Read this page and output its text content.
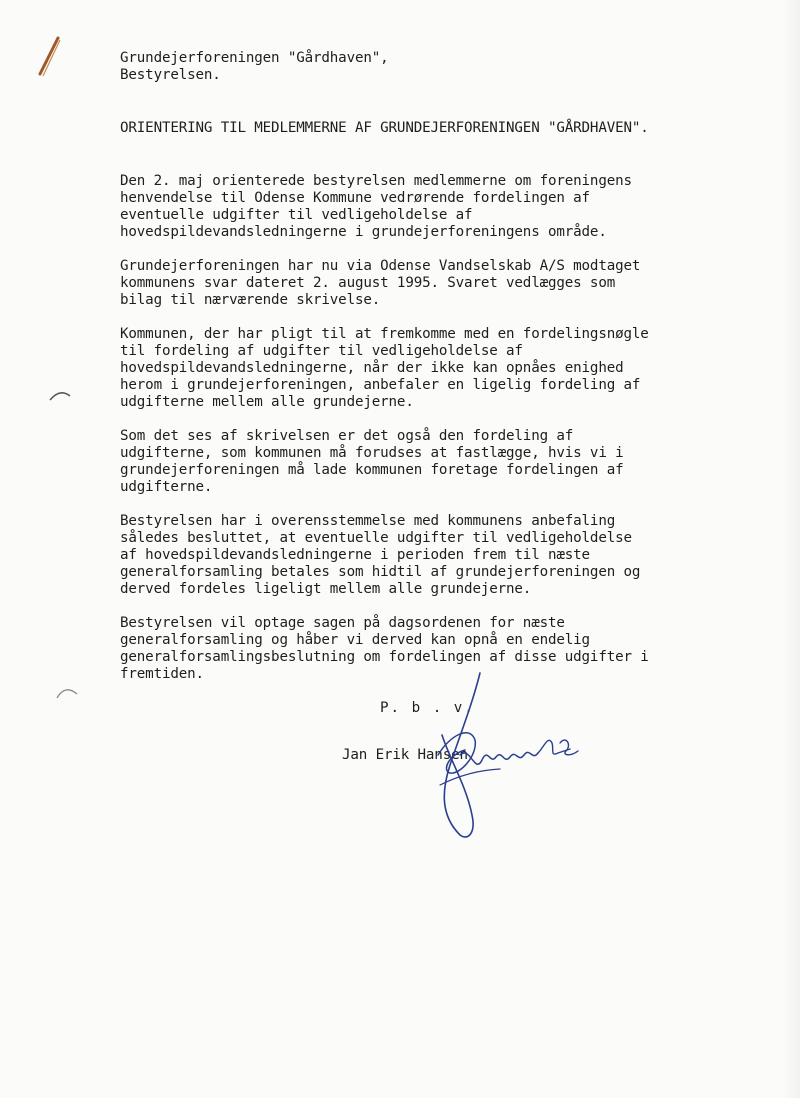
Grundejerforeningen "Gårdhaven",

Bestyrelsen.

ORIENTERING TIL MEDLEMMERNE AF GRUNDEJERFORENINGEN "GÅRDHAVEN".

Den 2. maj orienterede bestyrelsen medlemmerne om foreningens

henvendelse til Odense Kommune vedrørende fordelingen af

eventuelle udgifter til vedligeholdelse af

hovedspildevandsledningerne i grundejerforeningens område.

Grundejerforeningen har nu via Odense Vandselskab A/S modtaget

kommunens svar dateret 2. august 1995. Svaret vedlægges som

bilag til nærværende skrivelse.

Kommunen, der har pligt til at fremkomme med en fordelingsnøgle

til fordeling af udgifter til vedligeholdelse af

hovedspildevandsledningerne, når der ikke kan opnåes enighed

herom i grundejerforeningen, anbefaler en ligelig fordeling af

udgifterne mellem alle grundejerne.

Som det ses af skrivelsen er det også den fordeling af

udgifterne, som kommunen må forudses at fastlægge, hvis vi i

grundejerforeningen må lade kommunen foretage fordelingen af

udgifterne.

Bestyrelsen har i overensstemmelse med kommunens anbefaling

således besluttet, at eventuelle udgifter til vedligeholdelse

af hovedspildevandsledningerne i perioden frem til næste

generalforsamling betales som hidtil af grundejerforeningen og

derved fordeles ligeligt mellem alle grundejerne.

Bestyrelsen vil optage sagen på dagsordenen for næste

generalforsamling og håber vi derved kan opnå en endelig

generalforsamlingsbeslutning om fordelingen af disse udgifter i

fremtiden.

P. b . v.

Jan Erik Hansen
